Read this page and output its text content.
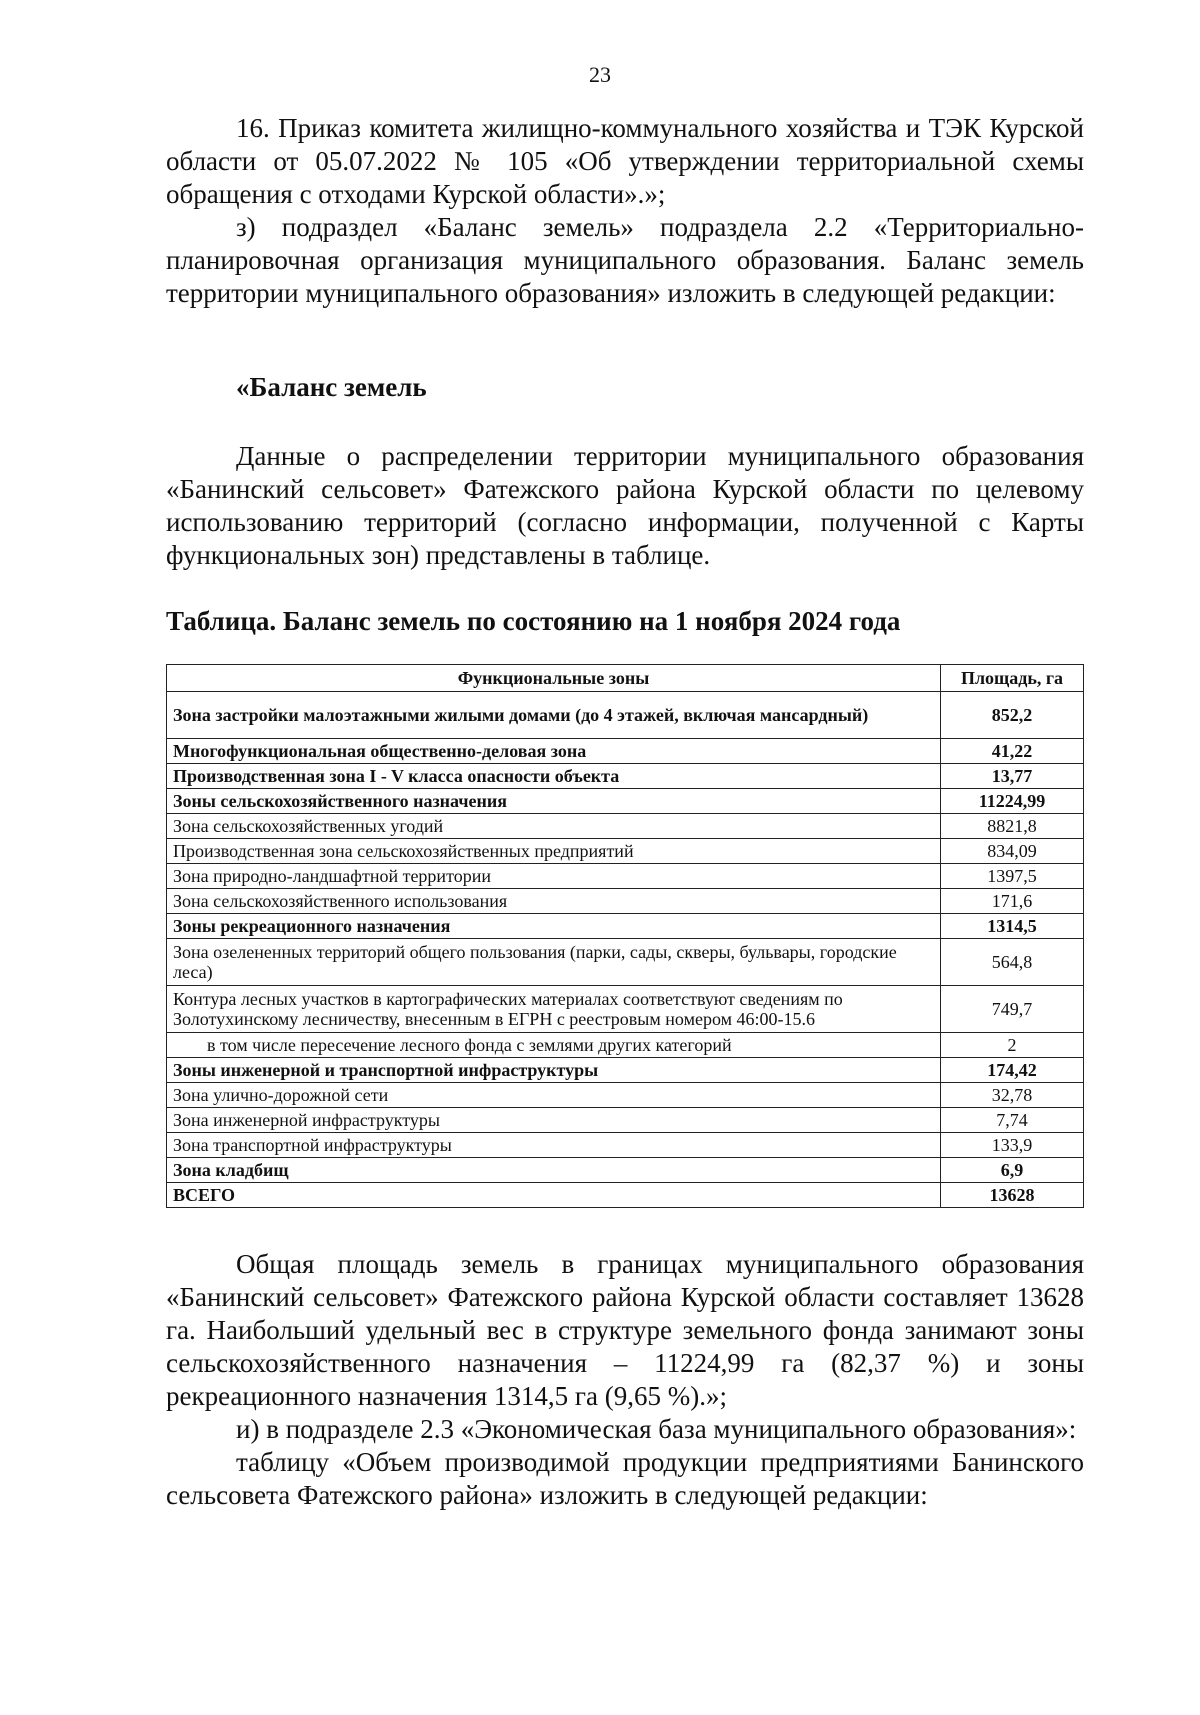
23

16. Приказ комитета жилищно-коммунального хозяйства и ТЭК Курской области от 05.07.2022 № 105 «Об утверждении территориальной схемы обращения с отходами Курской области».»;

з) подраздел «Баланс земель» подраздела 2.2 «Территориально-планировочная организация муниципального образования. Баланс земель территории муниципального образования» изложить в следующей редакции:

«Баланс земель

Данные о распределении территории муниципального образования «Банинский сельсовет» Фатежского района Курской области по целевому использованию территорий (согласно информации, полученной с Карты функциональных зон) представлены в таблице.

Таблица. Баланс земель по состоянию на 1 ноября 2024 года
Функциональные зоны	Площадь, га
Зона застройки малоэтажными жилыми домами (до 4 этажей, включая мансардный)	852,2
Многофункциональная общественно-деловая зона	41,22
Производственная зона I - V класса опасности объекта	13,77
Зоны сельскохозяйственного назначения	11224,99
Зона сельскохозяйственных угодий	8821,8
Производственная зона сельскохозяйственных предприятий	834,09
Зона природно-ландшафтной территории	1397,5
Зона сельскохозяйственного использования	171,6
Зоны рекреационного назначения	1314,5
Зона озелененных территорий общего пользования (парки, сады, скверы, бульвары, городские леса)	564,8
Контура лесных участков в картографических материалах соответствуют сведениям по Золотухинскому лесничеству, внесенным в ЕГРН с реестровым номером 46:00-15.6	749,7
в том числе пересечение лесного фонда с землями других категорий	2
Зоны инженерной и транспортной инфраструктуры	174,42
Зона улично-дорожной сети	32,78
Зона инженерной инфраструктуры	7,74
Зона транспортной инфраструктуры	133,9
Зона кладбищ	6,9
ВСЕГО	13628

Общая площадь земель в границах муниципального образования «Банинский сельсовет» Фатежского района Курской области составляет 13628 га. Наибольший удельный вес в структуре земельного фонда занимают зоны сельскохозяйственного назначения – 11224,99 га (82,37 %) и зоны рекреационного назначения 1314,5 га (9,65 %).»;

и) в подразделе 2.3 «Экономическая база муниципального образования»:

таблицу «Объем производимой продукции предприятиями Банинского сельсовета Фатежского района» изложить в следующей редакции:
